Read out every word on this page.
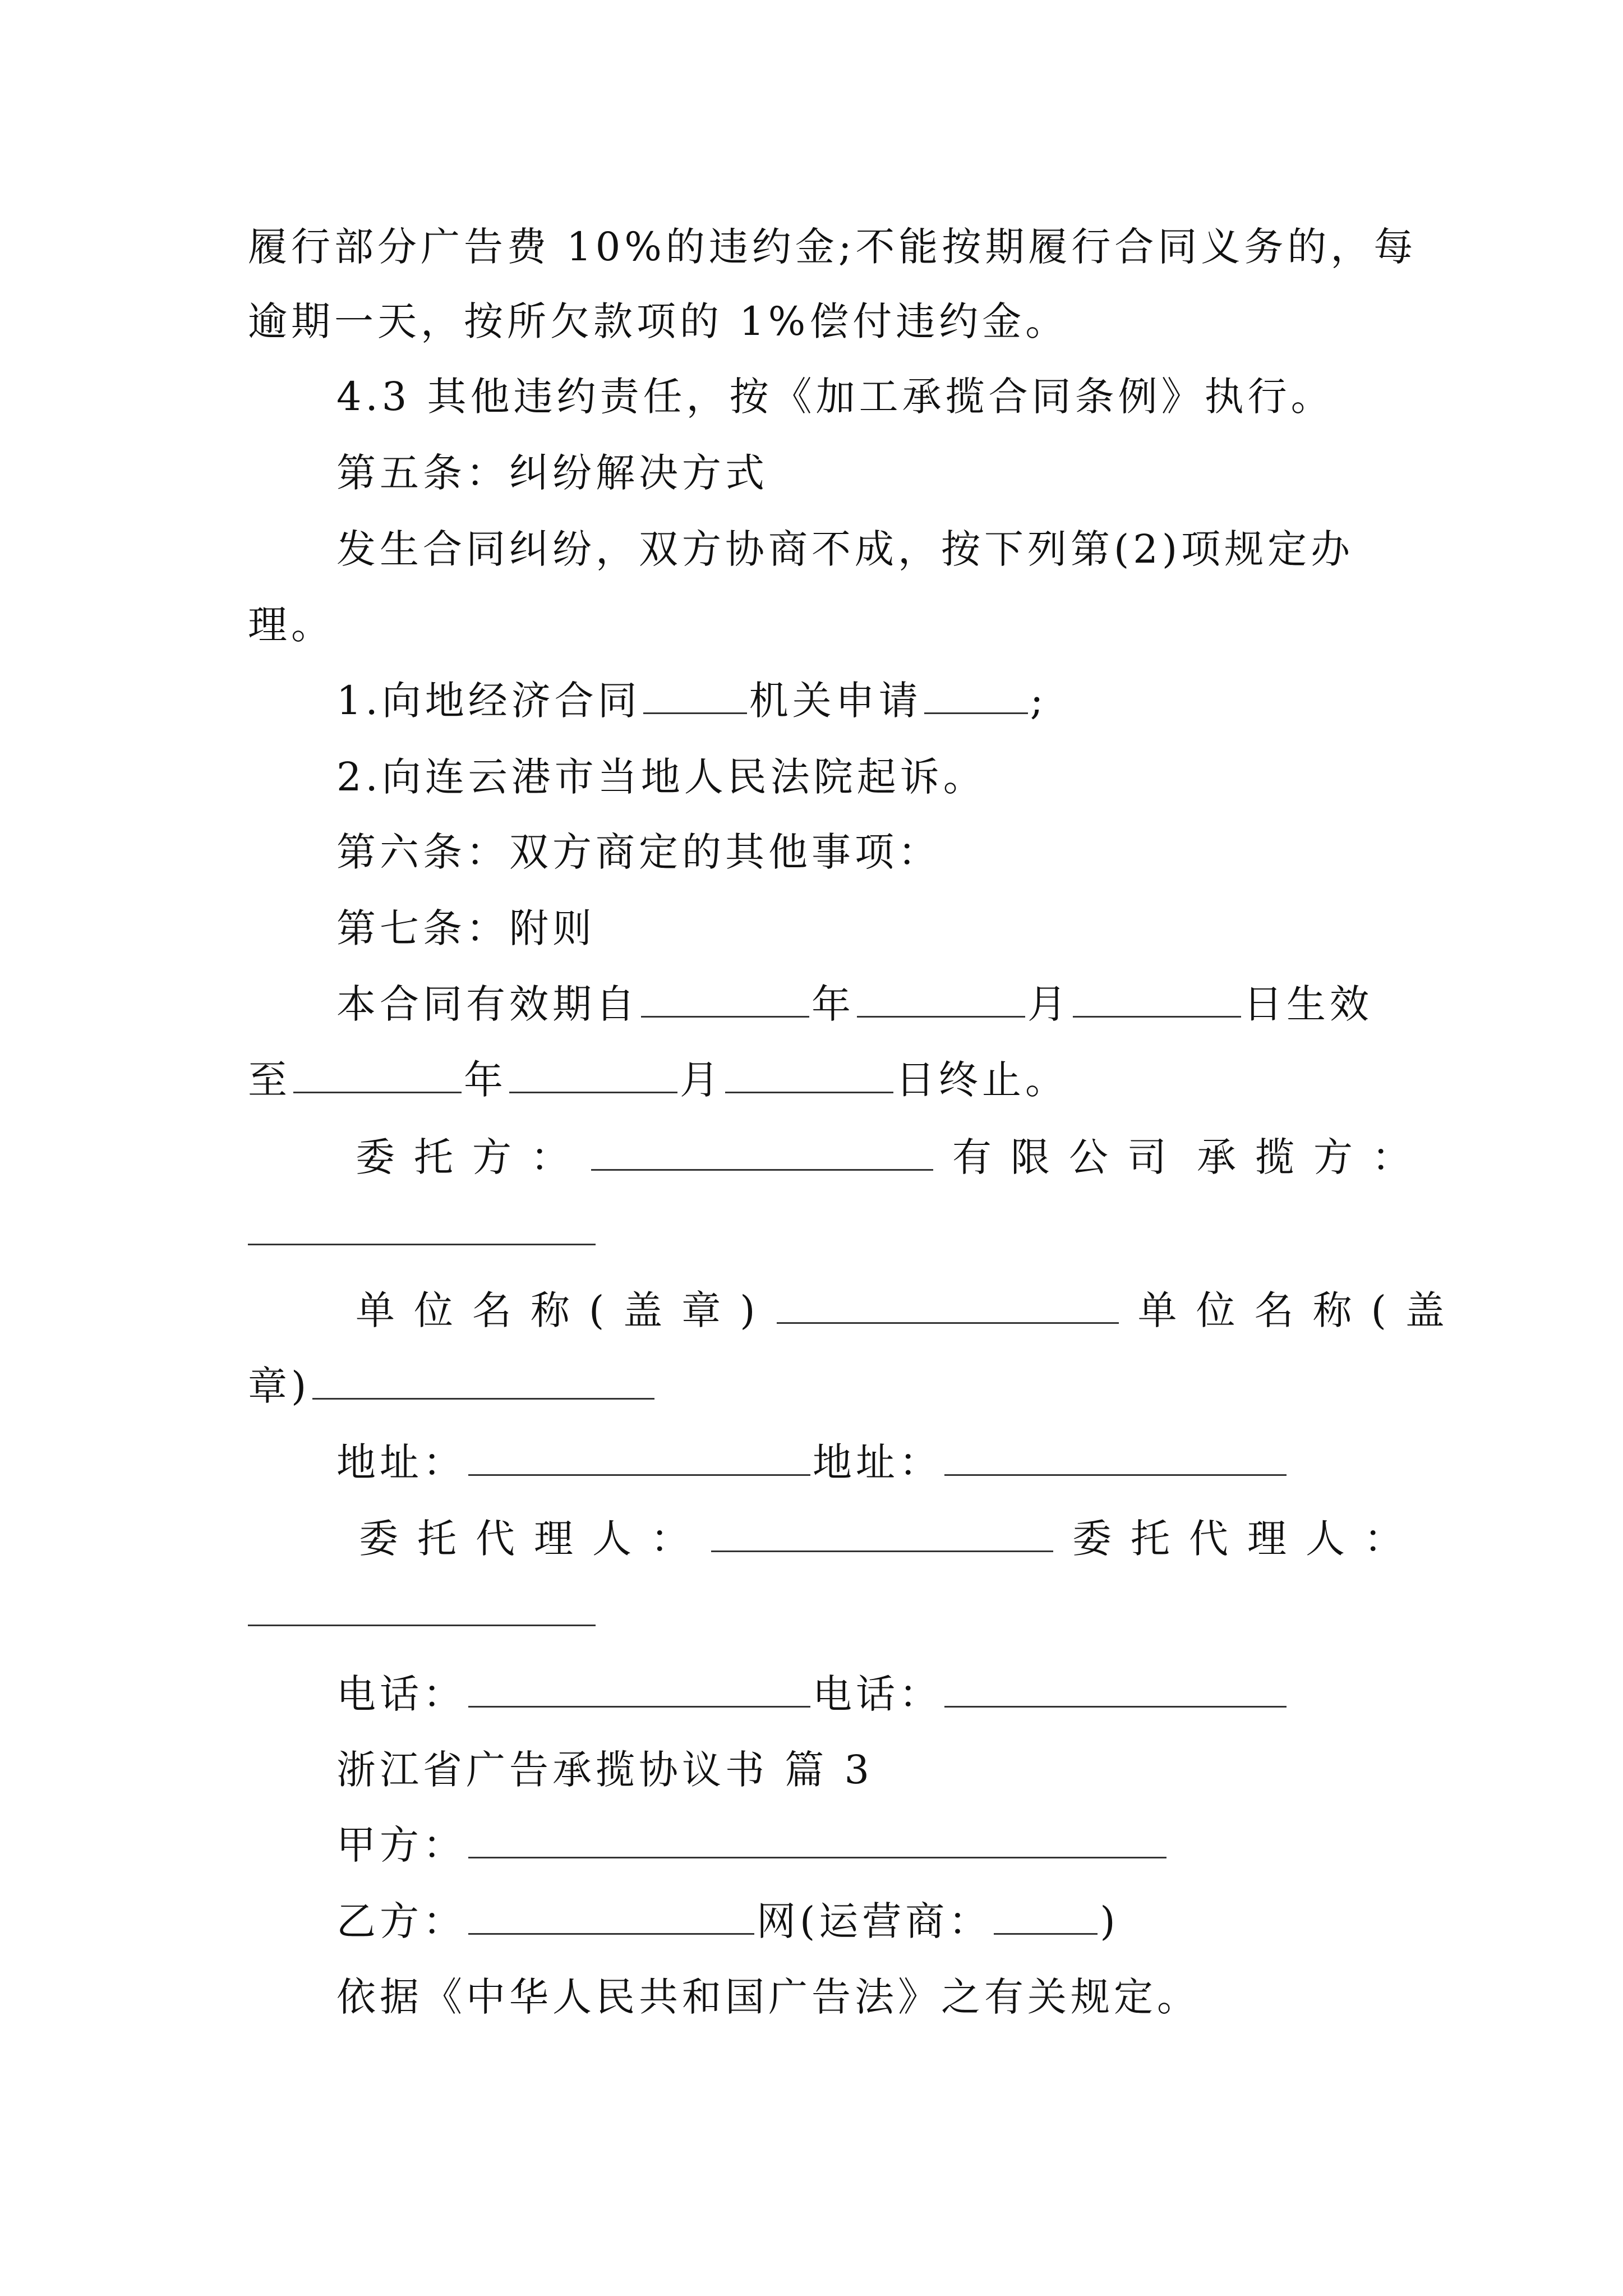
履行部分广告费 10%的违约金;不能按期履行合同义务的，每
逾期一天，按所欠款项的 1%偿付违约金。
4.3 其他违约责任，按《加工承揽合同条例》执行。
第五条：纠纷解决方式
发生合同纠纷，双方协商不成，按下列第(2)项规定办
理。
1.向地经济合同	机关申请	;
2.向连云港市当地人民法院起诉。
第六条：双方商定的其他事项：
第七条：附则
本合同有效期自	年	月	日生效
至	年	月	日终止。
委托方：	有限公司 承揽方：
单位名称(盖章)	单位名称(盖
章)
地址：	地址：
委托代理人：	委托代理人：
电话：	电话：
浙江省广告承揽协议书 篇 3
甲方：
乙方：	网(运营商：	)
依据《中华人民共和国广告法》之有关规定。
